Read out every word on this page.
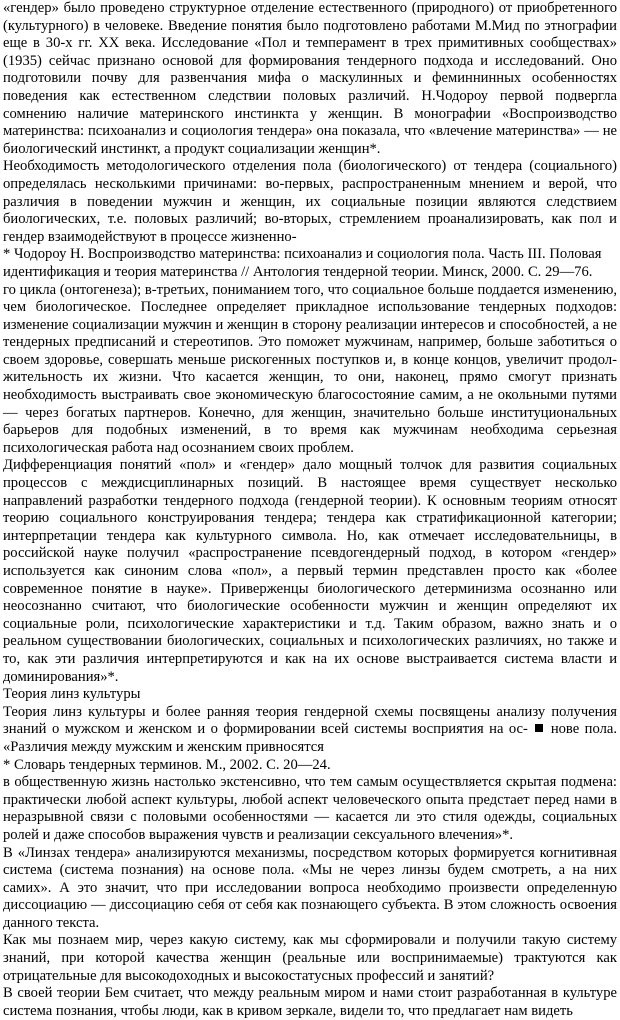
«гендер» было проведено структурное отделение естественного (природного) от приобретенного (культурного) в человеке. Введение понятия было подготовлено работами М.Мид по этнографии еще в 30-х гг. XX века. Исследование «Пол и темперамент в трех примитивных сообществах» (1935) сейчас признано основой для формирования тендерного подхода и исследований. Оно подготовили почву для развенчания мифа о маскулинных и феминнинных особенностях поведения как естественном следствии половых различий. Н.Чодороу первой подвергла сомнению наличие материнского инстинкта у женщин. В монографии «Воспроизводство материнства: психоанализ и социология тендера» она показала, что «влечение материнства» — не биологический инстинкт, а продукт социализации женщин*.

Необходимость методологического отделения пола (биологического) от тендера (социального) определялась несколькими причинами: во-первых, распространенным мнением и верой, что различия в поведении мужчин и женщин, их социальные позиции являются следствием биологических, т.е. половых различий; во-вторых, стремлением проанализировать, как пол и гендер взаимодействуют в процессе жизненно-

* Чодороу Н. Воспроизводство материнства: психоанализ и социология пола. Часть III. Половая идентификация и теория материнства // Антология тендерной теории. Минск, 2000. С. 29—76.

го цикла (онтогенеза); в-третьих, пониманием того, что социальное больше поддается изменению, чем биологическое. Последнее определяет прикладное использование тендерных подходов: изменение социализации мужчин и женщин в сторону реализации интересов и способностей, а не тендерных предписаний и стереотипов. Это поможет мужчинам, например, больше заботиться о своем здоровье, совершать меньше рискогенных поступков и, в конце концов, увеличит продол-жительность их жизни. Что касается женщин, то они, наконец, прямо смогут признать необходимость выстраивать свое экономическую благосостояние самим, а не окольными путями — через богатых партнеров. Конечно, для женщин, значительно больше институциональных барьеров для подобных изменений, в то время как мужчинам необходима серьезная психологическая работа над осознанием своих проблем.

Дифференциация понятий «пол» и «гендер» дало мощный толчок для развития социальных процессов с междисциплинарных позиций. В настоящее время существует несколько направлений разработки тендерного подхода (гендерной теории). К основным теориям относят теорию социального конструирования тендера; тендера как стратификационной категории; интерпретации тендера как культурного символа. Но, как отмечает исследовательницы, в российской науке получил «распространение псевдогендерный подход, в котором «гендер» используется как синоним слова «пол», а первый термин представлен просто как «более современное понятие в науке». Приверженцы биологического детерминизма осознанно или неосознанно считают, что биологические особенности мужчин и женщин определяют их социальные роли, психологические характеристики и т.д. Таким образом, важно знать и о реальном существовании биологических, социальных и психологических различиях, но также и то, как эти различия интерпретируются и как на их основе выстраивается система власти и доминирования»*.

Теория линз культуры

Теория линз культуры и более ранняя теория гендерной схемы посвящены анализу получения знаний о мужском и женском и о формировании всей системы восприятия на ос- нове пола. «Различия между мужским и женским привносятся

* Словарь тендерных терминов. М., 2002. С. 20—24.

в общественную жизнь настолько экстенсивно, что тем самым осуществляется скрытая подмена: практически любой аспект культуры, любой аспект человеческого опыта предстает перед нами в неразрывной связи с половыми особенностями — касается ли это стиля одежды, социальных ролей и даже способов выражения чувств и реализации сексуального влечения»*.

В «Линзах тендера» анализируются механизмы, посредством которых формируется когнитивная система (система познания) на основе пола. «Мы не через линзы будем смотреть, а на них самих». А это значит, что при исследовании вопроса необходимо произвести определенную диссоциацию — диссоциацию себя от себя как познающего субъекта. В этом сложность освоения данного текста.

Как мы познаем мир, через какую систему, как мы сформировали и получили такую систему знаний, при которой качества женщин (реальные или воспринимаемые) трактуются как отрицательные для высокодоходных и высокостатусных профессий и занятий?

В своей теории Бем считает, что между реальным миром и нами стоит разработанная в культуре система познания, чтобы люди, как в кривом зеркале, видели то, что предлагает нам видеть
